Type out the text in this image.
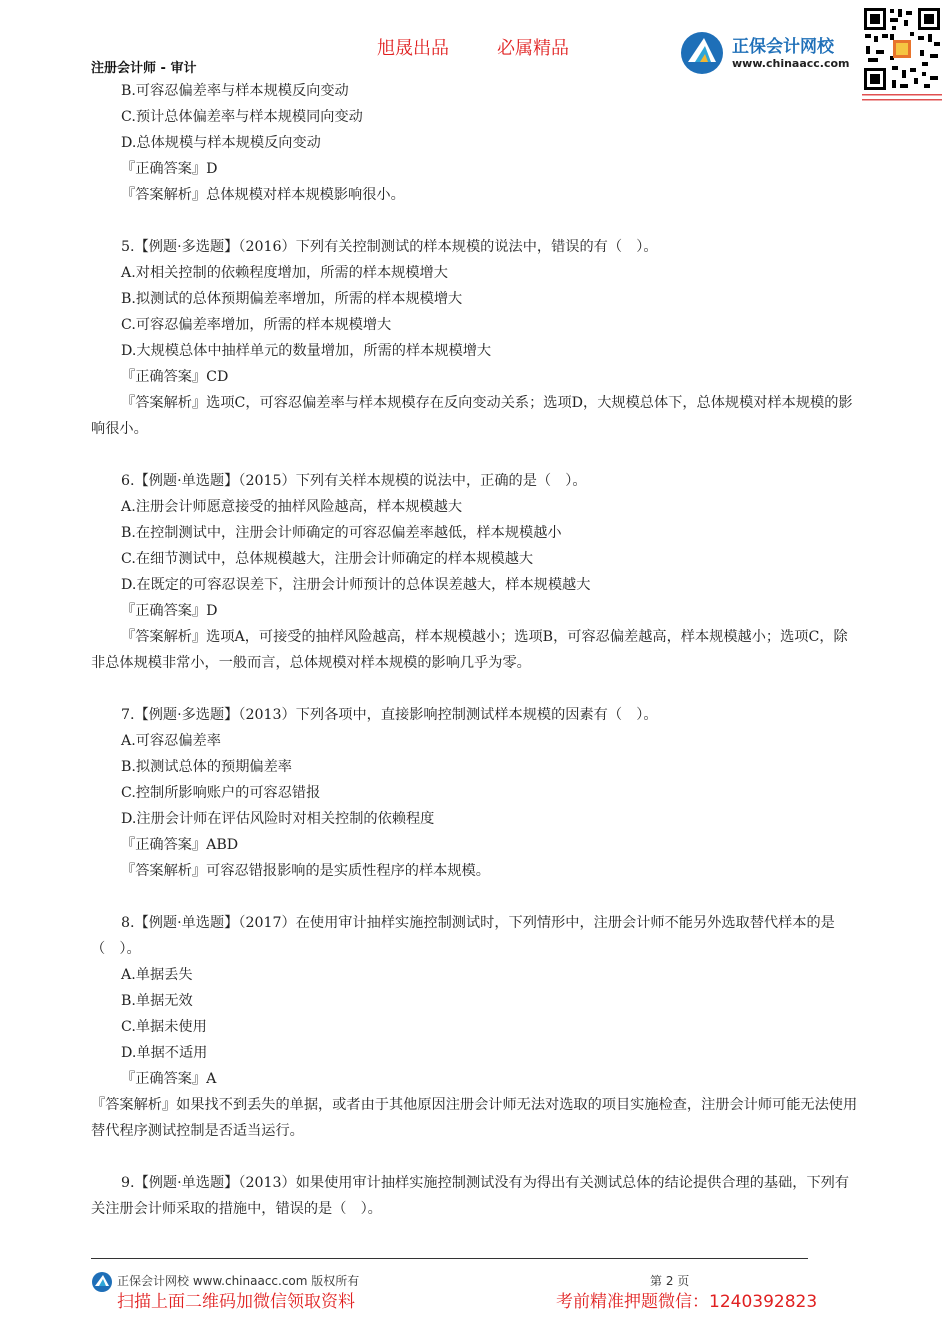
旭晟出品	必属精品
注册会计师 - 审计
正保会计网校
www.chinaacc.com
B.可容忍偏差率与样本规模反向变动
C.预计总体偏差率与样本规模同向变动
D.总体规模与样本规模反向变动
『正确答案』D
『答案解析』总体规模对样本规模影响很小。
5.【例题·多选题】（2016）下列有关控制测试的样本规模的说法中，错误的有（　）。
A.对相关控制的依赖程度增加，所需的样本规模增大
B.拟测试的总体预期偏差率增加，所需的样本规模增大
C.可容忍偏差率增加，所需的样本规模增大
D.大规模总体中抽样单元的数量增加，所需的样本规模增大
『正确答案』CD
『答案解析』选项C，可容忍偏差率与样本规模存在反向变动关系；选项D，大规模总体下，总体规模对样本规模的影响很小。
6.【例题·单选题】（2015）下列有关样本规模的说法中，正确的是（　）。
A.注册会计师愿意接受的抽样风险越高，样本规模越大
B.在控制测试中，注册会计师确定的可容忍偏差率越低，样本规模越小
C.在细节测试中，总体规模越大，注册会计师确定的样本规模越大
D.在既定的可容忍误差下，注册会计师预计的总体误差越大，样本规模越大
『正确答案』D
『答案解析』选项A，可接受的抽样风险越高，样本规模越小；选项B，可容忍偏差越高，样本规模越小；选项C，除非总体规模非常小，一般而言，总体规模对样本规模的影响几乎为零。
7.【例题·多选题】（2013）下列各项中，直接影响控制测试样本规模的因素有（　）。
A.可容忍偏差率
B.拟测试总体的预期偏差率
C.控制所影响账户的可容忍错报
D.注册会计师在评估风险时对相关控制的依赖程度
『正确答案』ABD
『答案解析』可容忍错报影响的是实质性程序的样本规模。
8.【例题·单选题】（2017）在使用审计抽样实施控制测试时，下列情形中，注册会计师不能另外选取替代样本的是（　）。
A.单据丢失
B.单据无效
C.单据未使用
D.单据不适用
『正确答案』A
『答案解析』如果找不到丢失的单据，或者由于其他原因注册会计师无法对选取的项目实施检查，注册会计师可能无法使用替代程序测试控制是否适当运行。
9.【例题·单选题】（2013）如果使用审计抽样实施控制测试没有为得出有关测试总体的结论提供合理的基础，下列有关注册会计师采取的措施中，错误的是（　）。
正保会计网校 www.chinaacc.com 版权所有	第 2 页
扫描上面二维码加微信领取资料	考前精准押题微信：1240392823
